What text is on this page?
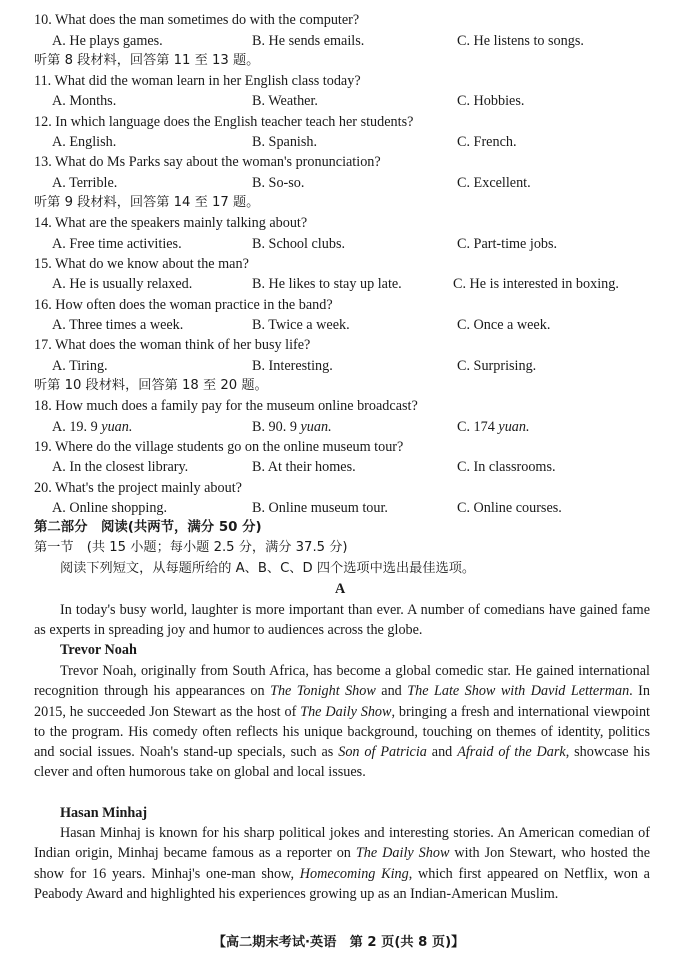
10. What does the man sometimes do with the computer?
A. He plays games.	B. He sends emails.	C. He listens to songs.
听第 8 段材料，回答第 11 至 13 题。
11. What did the woman learn in her English class today?
A. Months.	B. Weather.	C. Hobbies.
12. In which language does the English teacher teach her students?
A. English.	B. Spanish.	C. French.
13. What do Ms Parks say about the woman's pronunciation?
A. Terrible.	B. So-so.	C. Excellent.
听第 9 段材料，回答第 14 至 17 题。
14. What are the speakers mainly talking about?
A. Free time activities.	B. School clubs.	C. Part-time jobs.
15. What do we know about the man?
A. He is usually relaxed.	B. He likes to stay up late.	C. He is interested in boxing.
16. How often does the woman practice in the band?
A. Three times a week.	B. Twice a week.	C. Once a week.
17. What does the woman think of her busy life?
A. Tiring.	B. Interesting.	C. Surprising.
听第 10 段材料，回答第 18 至 20 题。
18. How much does a family pay for the museum online broadcast?
A. 19. 9 yuan.	B. 90. 9 yuan.	C. 174 yuan.
19. Where do the village students go on the online museum tour?
A. In the closest library.	B. At their homes.	C. In classrooms.
20. What's the project mainly about?
A. Online shopping.	B. Online museum tour.	C. Online courses.
第二部分　阅读(共两节，满分 50 分)
第一节　(共 15 小题；每小题 2.5 分，满分 37.5 分)
阅读下列短文，从每题所给的 A、B、C、D 四个选项中选出最佳选项。
A

In today's busy world, laughter is more important than ever. A number of comedians have gained fame as experts in spreading joy and humor to audiences across the globe.

Trevor Noah

Trevor Noah, originally from South Africa, has become a global comedic star. He gained international recognition through his appearances on The Tonight Show and The Late Show with David Letterman. In 2015, he succeeded Jon Stewart as the host of The Daily Show, bringing a fresh and international viewpoint to the program. His comedy often reflects his unique background, touching on themes of identity, politics and social issues. Noah's stand-up specials, such as Son of Patricia and Afraid of the Dark, showcase his clever and often humorous take on global and local issues.

Hasan Minhaj

Hasan Minhaj is known for his sharp political jokes and interesting stories. An American comedian of Indian origin, Minhaj became famous as a reporter on The Daily Show with Jon Stewart, who hosted the show for 16 years. Minhaj's one-man show, Homecoming King, which first appeared on Netflix, won a Peabody Award and highlighted his experiences growing up as an Indian-American Muslim.

【高二期末考试·英语　第 2 页(共 8 页)】
